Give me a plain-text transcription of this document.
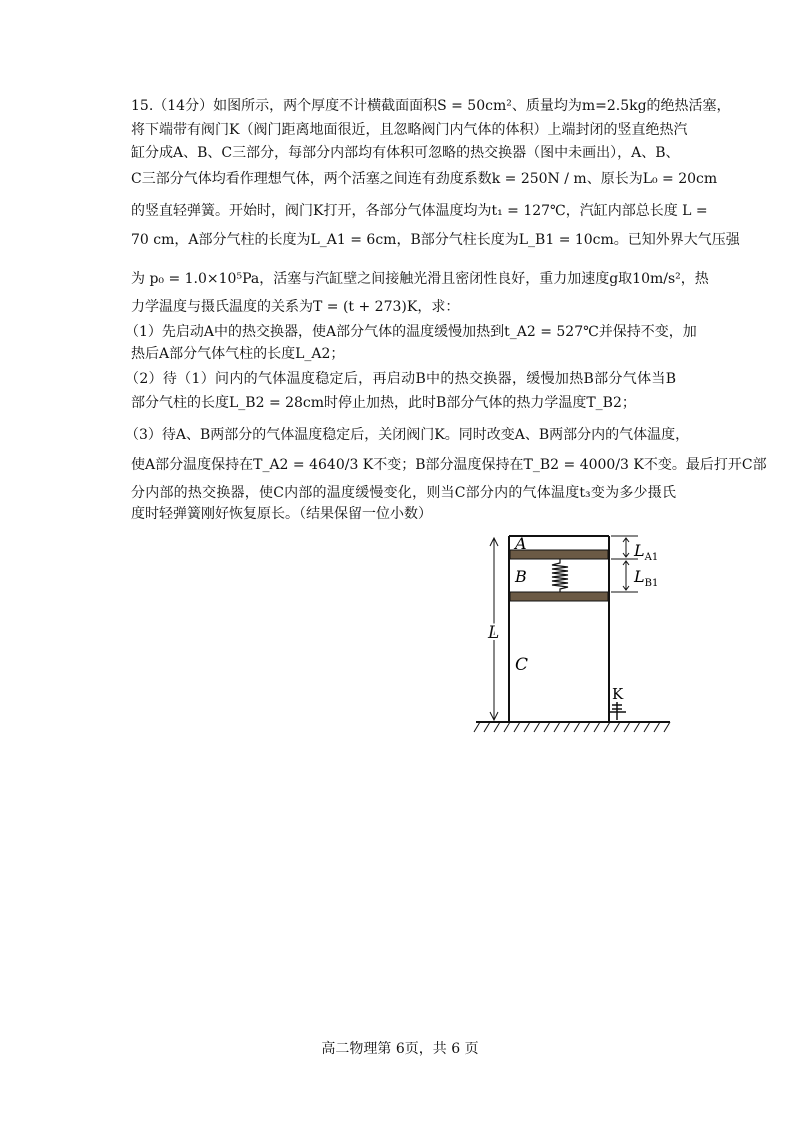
15.（14分）如图所示，两个厚度不计横截面面积S = 50cm²、质量均为m=2.5kg的绝热活塞，
将下端带有阀门K（阀门距离地面很近，且忽略阀门内气体的体积）上端封闭的竖直绝热汽
缸分成A、B、C三部分，每部分内部均有体积可忽略的热交换器（图中未画出），A、B、
C三部分气体均看作理想气体，两个活塞之间连有劲度系数k = 250N / m、原长为L₀ = 20cm
的竖直轻弹簧。开始时，阀门K打开，各部分气体温度均为t₁ = 127℃，汽缸内部总长度 L =
70 cm，A部分气柱的长度为L_A1 = 6cm，B部分气柱长度为L_B1 = 10cm。已知外界大气压强
为 p₀ = 1.0×10⁵Pa，活塞与汽缸壁之间接触光滑且密闭性良好，重力加速度g取10m/s²，热
力学温度与摄氏温度的关系为T = (t + 273)K，求：
（1）先启动A中的热交换器，使A部分气体的温度缓慢加热到t_A2 = 527℃并保持不变，加
热后A部分气体气柱的长度L_A2；
（2）待（1）问内的气体温度稳定后，再启动B中的热交换器，缓慢加热B部分气体当B
部分气柱的长度L_B2 = 28cm时停止加热，此时B部分气体的热力学温度T_B2；
（3）待A、B两部分的气体温度稳定后，关闭阀门K。同时改变A、B两部分内的气体温度，
使A部分温度保持在T_A2 = 4640/3 K不变；B部分温度保持在T_B2 = 4000/3 K不变。最后打开C部
分内部的热交换器，使C内部的温度缓慢变化，则当C部分内的气体温度t₃变为多少摄氏
度时轻弹簧刚好恢复原长。（结果保留一位小数）
K
A
B
C
L
$L_{A1}$
$L_{B1}$
高二物理第 6页，共 6 页
